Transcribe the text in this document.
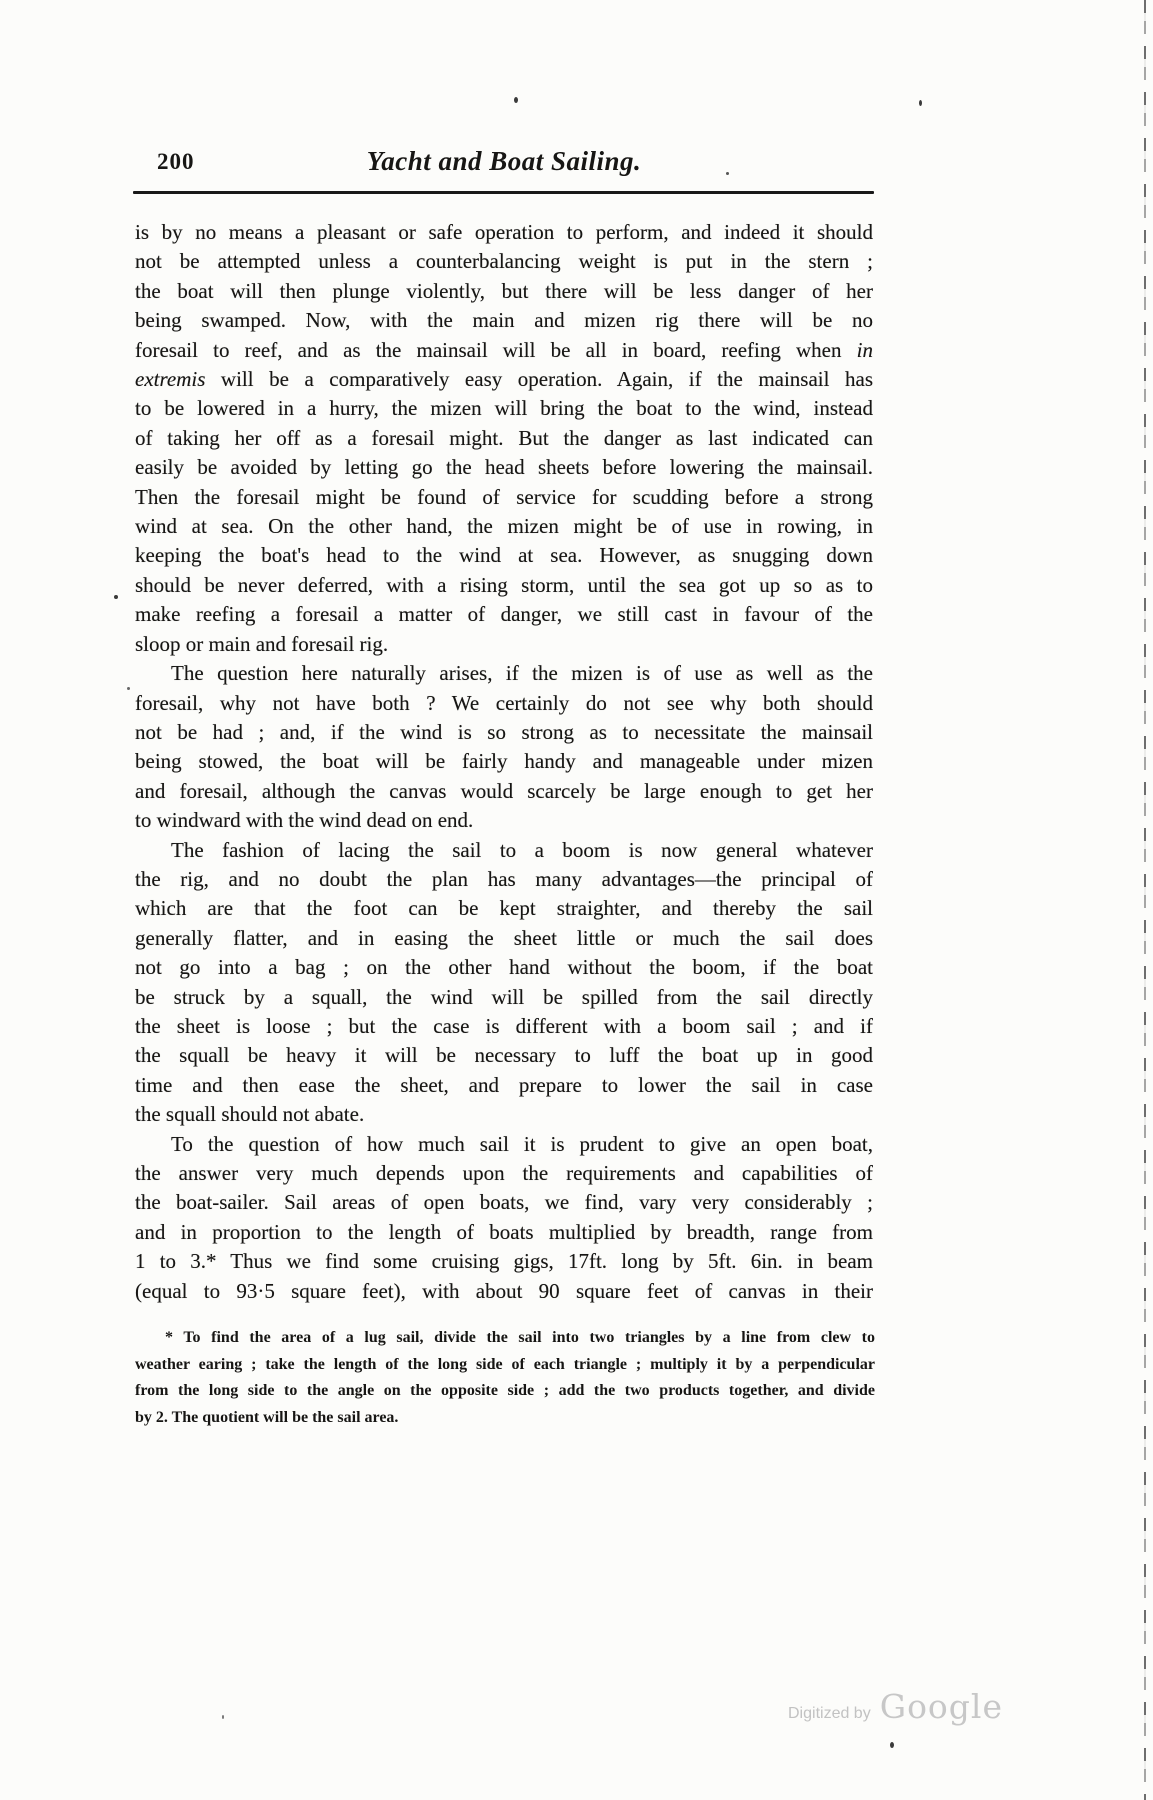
200	Yacht and Boat Sailing.
is by no means a pleasant or safe operation to perform, and indeed it should
not be attempted unless a counterbalancing weight is put in the stern ;
the boat will then plunge violently, but there will be less danger of her
being swamped. Now, with the main and mizen rig there will be no
foresail to reef, and as the mainsail will be all in board, reefing when in
extremis will be a comparatively easy operation. Again, if the mainsail has
to be lowered in a hurry, the mizen will bring the boat to the wind, instead
of taking her off as a foresail might. But the danger as last indicated can
easily be avoided by letting go the head sheets before lowering the mainsail.
Then the foresail might be found of service for scudding before a strong
wind at sea. On the other hand, the mizen might be of use in rowing, in
keeping the boat's head to the wind at sea. However, as snugging down
should be never deferred, with a rising storm, until the sea got up so as to
make reefing a foresail a matter of danger, we still cast in favour of the
sloop or main and foresail rig.
The question here naturally arises, if the mizen is of use as well as the
foresail, why not have both ? We certainly do not see why both should
not be had ; and, if the wind is so strong as to necessitate the mainsail
being stowed, the boat will be fairly handy and manageable under mizen
and foresail, although the canvas would scarcely be large enough to get her
to windward with the wind dead on end.
The fashion of lacing the sail to a boom is now general whatever
the rig, and no doubt the plan has many advantages—the principal of
which are that the foot can be kept straighter, and thereby the sail
generally flatter, and in easing the sheet little or much the sail does
not go into a bag ; on the other hand without the boom, if the boat
be struck by a squall, the wind will be spilled from the sail directly
the sheet is loose ; but the case is different with a boom sail ; and if
the squall be heavy it will be necessary to luff the boat up in good
time and then ease the sheet, and prepare to lower the sail in case
the squall should not abate.
To the question of how much sail it is prudent to give an open boat,
the answer very much depends upon the requirements and capabilities of
the boat-sailer. Sail areas of open boats, we find, vary very considerably ;
and in proportion to the length of boats multiplied by breadth, range from
1 to 3.* Thus we find some cruising gigs, 17ft. long by 5ft. 6in. in beam
(equal to 93·5 square feet), with about 90 square feet of canvas in their
* To find the area of a lug sail, divide the sail into two triangles by a line from clew to
weather earing ; take the length of the long side of each triangle ; multiply it by a perpendicular
from the long side to the angle on the opposite side ; add the two products together, and divide
by 2. The quotient will be the sail area.
Digitized by Google
